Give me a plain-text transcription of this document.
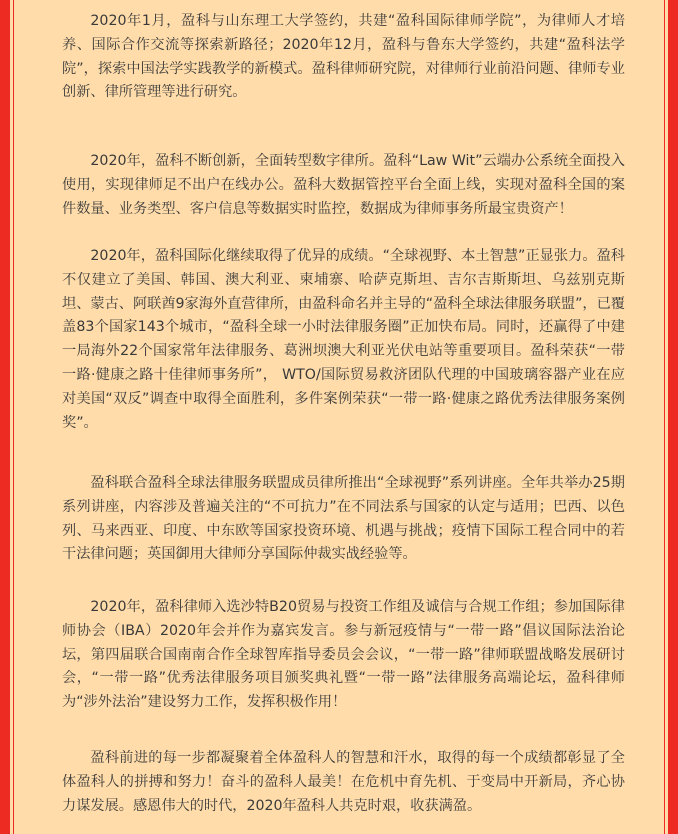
2020年1月，盈科与山东理工大学签约，共建“盈科国际律师学院”，为律师人才培养、国际合作交流等探索新路径；2020年12月，盈科与鲁东大学签约，共建“盈科法学院”，探索中国法学实践教学的新模式。盈科律师研究院，对律师行业前沿问题、律师专业创新、律所管理等进行研究。

2020年，盈科不断创新，全面转型数字律所。盈科“Law Wit”云端办公系统全面投入使用，实现律师足不出户在线办公。盈科大数据管控平台全面上线，实现对盈科全国的案件数量、业务类型、客户信息等数据实时监控，数据成为律师事务所最宝贵资产！

2020年，盈科国际化继续取得了优异的成绩。“全球视野、本土智慧”正显张力。盈科不仅建立了美国、韩国、澳大利亚、柬埔寨、哈萨克斯坦、吉尔吉斯斯坦、乌兹别克斯坦、蒙古、阿联酋9家海外直营律所，由盈科命名并主导的“盈科全球法律服务联盟”，已覆盖83个国家143个城市，“盈科全球一小时法律服务圈”正加快布局。同时，还赢得了中建一局海外22个国家常年法律服务、葛洲坝澳大利亚光伏电站等重要项目。盈科荣获“一带一路·健康之路十佳律师事务所”， WTO/国际贸易救济团队代理的中国玻璃容器产业在应对美国“双反”调查中取得全面胜利，多件案例荣获“一带一路·健康之路优秀法律服务案例奖”。

盈科联合盈科全球法律服务联盟成员律所推出“全球视野”系列讲座。全年共举办25期系列讲座，内容涉及普遍关注的“不可抗力”在不同法系与国家的认定与适用；巴西、以色列、马来西亚、印度、中东欧等国家投资环境、机遇与挑战；疫情下国际工程合同中的若干法律问题；英国御用大律师分享国际仲裁实战经验等。

2020年，盈科律师入选沙特B20贸易与投资工作组及诚信与合规工作组；参加国际律师协会（IBA）2020年会并作为嘉宾发言。参与新冠疫情与“一带一路”倡议国际法治论坛，第四届联合国南南合作全球智库指导委员会会议，“一带一路”律师联盟战略发展研讨会，“一带一路”优秀法律服务项目颁奖典礼暨“一带一路”法律服务高端论坛，盈科律师为“涉外法治”建设努力工作，发挥积极作用！

盈科前进的每一步都凝聚着全体盈科人的智慧和汗水，取得的每一个成绩都彰显了全体盈科人的拼搏和努力！奋斗的盈科人最美！在危机中育先机、于变局中开新局，齐心协力谋发展。感恩伟大的时代，2020年盈科人共克时艰，收获满盈。
